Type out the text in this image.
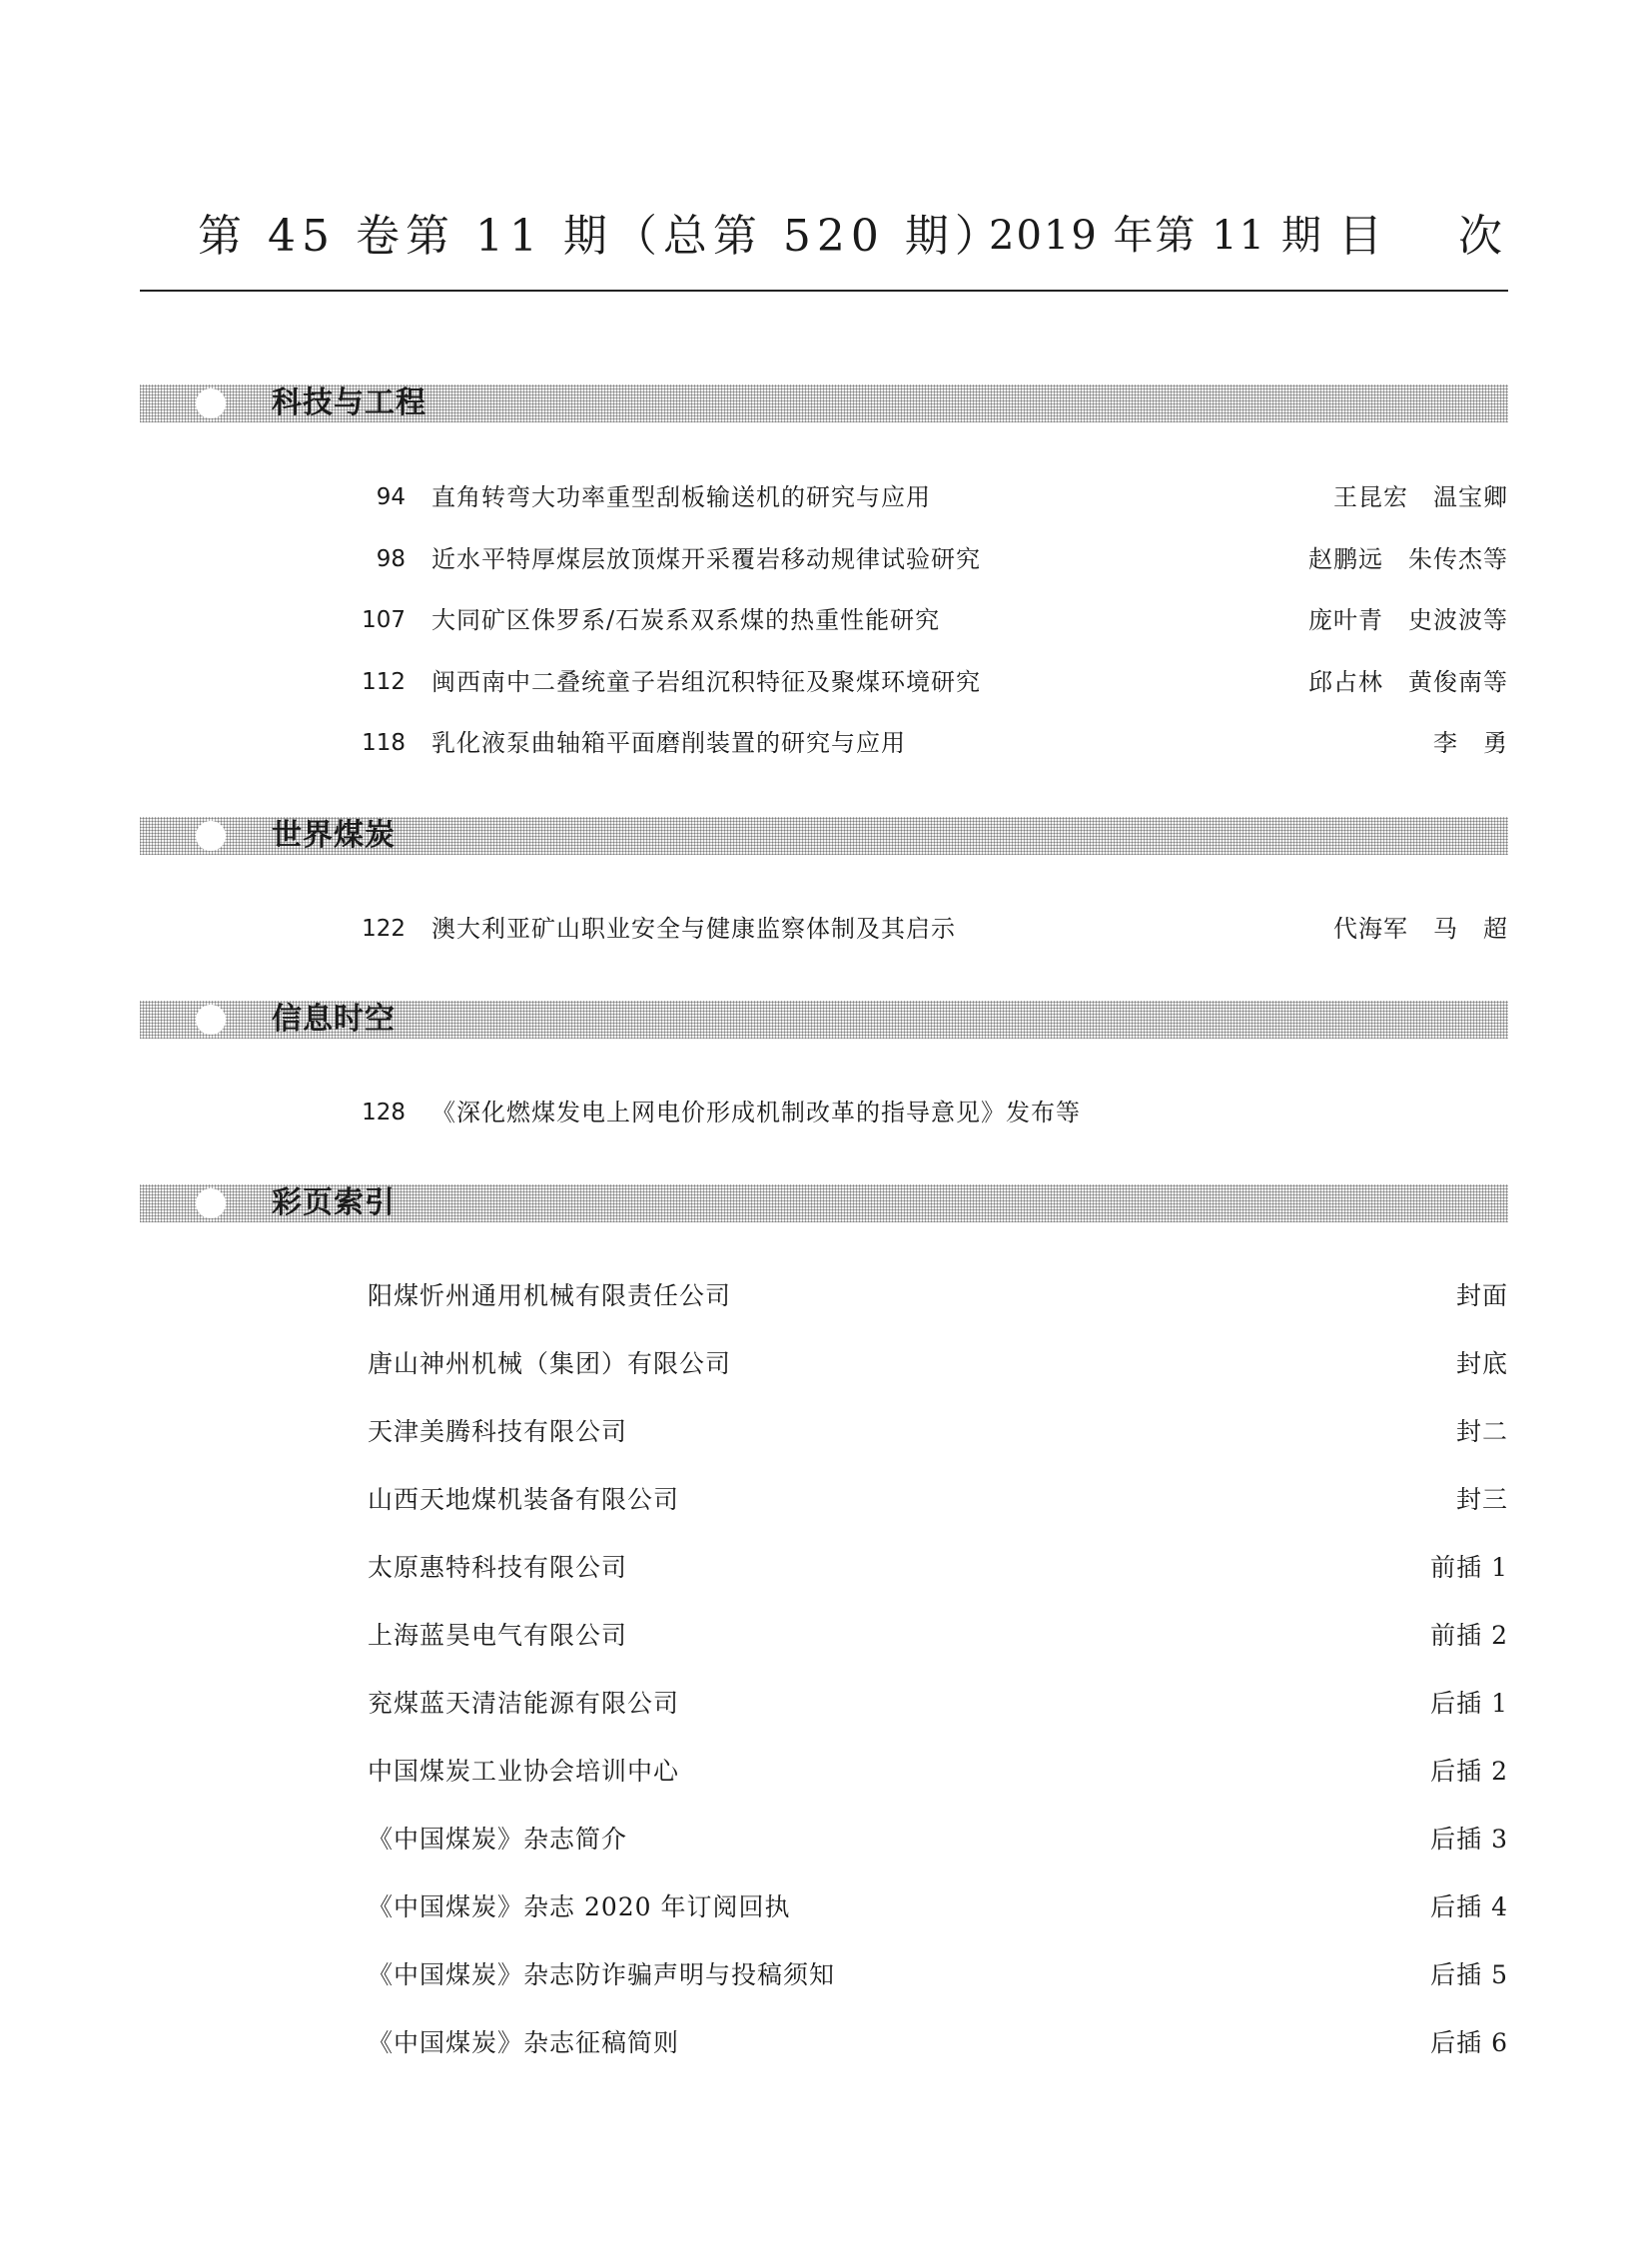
第 45 卷第 11 期（总第 520 期）
2019 年第 11 期 目 次
科技与工程
94 直角转弯大功率重型刮板输送机的研究与应用	王昆宏　温宝卿
98 近水平特厚煤层放顶煤开采覆岩移动规律试验研究	赵鹏远　朱传杰等
107 大同矿区侏罗系/石炭系双系煤的热重性能研究	庞叶青　史波波等
112 闽西南中二叠统童子岩组沉积特征及聚煤环境研究	邱占林　黄俊南等
118 乳化液泵曲轴箱平面磨削装置的研究与应用	李　勇
世界煤炭
122 澳大利亚矿山职业安全与健康监察体制及其启示	代海军　马　超
信息时空
128 《深化燃煤发电上网电价形成机制改革的指导意见》发布等
彩页索引
阳煤忻州通用机械有限责任公司	封面
唐山神州机械（集团）有限公司	封底
天津美腾科技有限公司	封二
山西天地煤机装备有限公司	封三
太原惠特科技有限公司	前插 1
上海蓝昊电气有限公司	前插 2
兖煤蓝天清洁能源有限公司	后插 1
中国煤炭工业协会培训中心	后插 2
《中国煤炭》杂志简介	后插 3
《中国煤炭》杂志 2020 年订阅回执	后插 4
《中国煤炭》杂志防诈骗声明与投稿须知	后插 5
《中国煤炭》杂志征稿简则	后插 6
